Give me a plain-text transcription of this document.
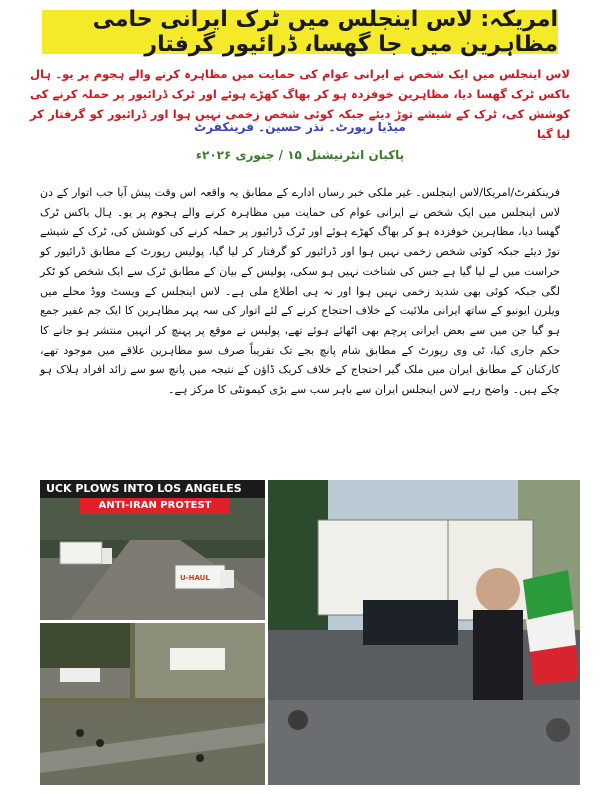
امریکہ: لاس اینجلس میں ٹرک ایرانی حامی مظاہرین میں جا گھسا، ڈرائیور گرفتار
لاس اینجلس میں ایک شخص نے ایرانی عوام کی حمایت میں مظاہرہ کرنے والے ہجوم پر یو۔ ہال باکس ٹرک گھسا دیا، مظاہرین خوفزدہ ہو کر بھاگ کھڑے ہوئے اور ٹرک ڈرائیور پر حملہ کرنے کی کوشش کی، ٹرک کے شیشے توڑ دیئے جبکہ کوئی شخص زخمی نہیں ہوا اور ڈرائیور کو گرفتار کر لیا گیا
میڈیا رپورٹ۔ نذر حسین۔ فرینکفرٹ
پاکبان انٹرنیشنل ۱۵ / جنوری ۲۰۲۶ء
فرینکفرٹ/امریکا/لاس اینجلس۔ غیر ملکی خبر رساں ادارے کے مطابق یہ واقعہ اس وقت پیش آیا جب اتوار کے دن لاس اینجلس میں ایک شخص نے ایرانی عوام کی حمایت میں مظاہرہ کرنے والے ہجوم پر یو۔ ہال باکس ٹرک گھسا دیا، مظاہرین خوفزدہ ہو کر بھاگ کھڑے ہوئے اور ٹرک ڈرائیور پر حملہ کرنے کی کوشش کی، ٹرک کے شیشے توڑ دیئے جبکہ کوئی شخص زخمی نہیں ہوا اور ڈرائیور کو گرفتار کر لیا گیا، پولیس رپورٹ کے مطابق ڈرائیور کو حراست میں لے لیا گیا ہے جس کی شناخت نہیں ہو سکی، پولیس کے بیان کے مطابق ٹرک سے ایک شخص کو ٹکر لگی جبکہ کوئی بھی شدید زخمی نہیں ہوا اور نہ ہی اطلاع ملی ہے۔ لاس اینجلس کے ویسٹ ووڈ محلے میں ویلرن ایونیو کے ساتھ ایرانی ملائیت کے خلاف احتجاج کرنے کے لئے اتوار کی سہ پہر مظاہرین کا ایک جم غفیر جمع ہو گیا جن میں سے بعض ایرانی پرچم بھی اٹھائے ہوئے تھے، پولیس نے موقع پر پہنچ کر انہیں منتشر ہو جانے کا حکم جاری کیا، ٹی وی رپورٹ کے مطابق شام پانچ بجے تک تقریباً صرف سو مظاہرین علاقے میں موجود تھے، کارکنان کے مطابق ایران میں ملک گیر احتجاج کے خلاف کریک ڈاؤن کے نتیجہ میں پانچ سو سے زائد افراد ہلاک ہو چکے ہیں۔ واضح رہے لاس اینجلس ایران سے باہر سب سے بڑی کیمونٹی کا مرکز ہے۔
U-HAUL
UCK PLOWS INTO LOS ANGELES
ANTI-IRAN PROTEST
